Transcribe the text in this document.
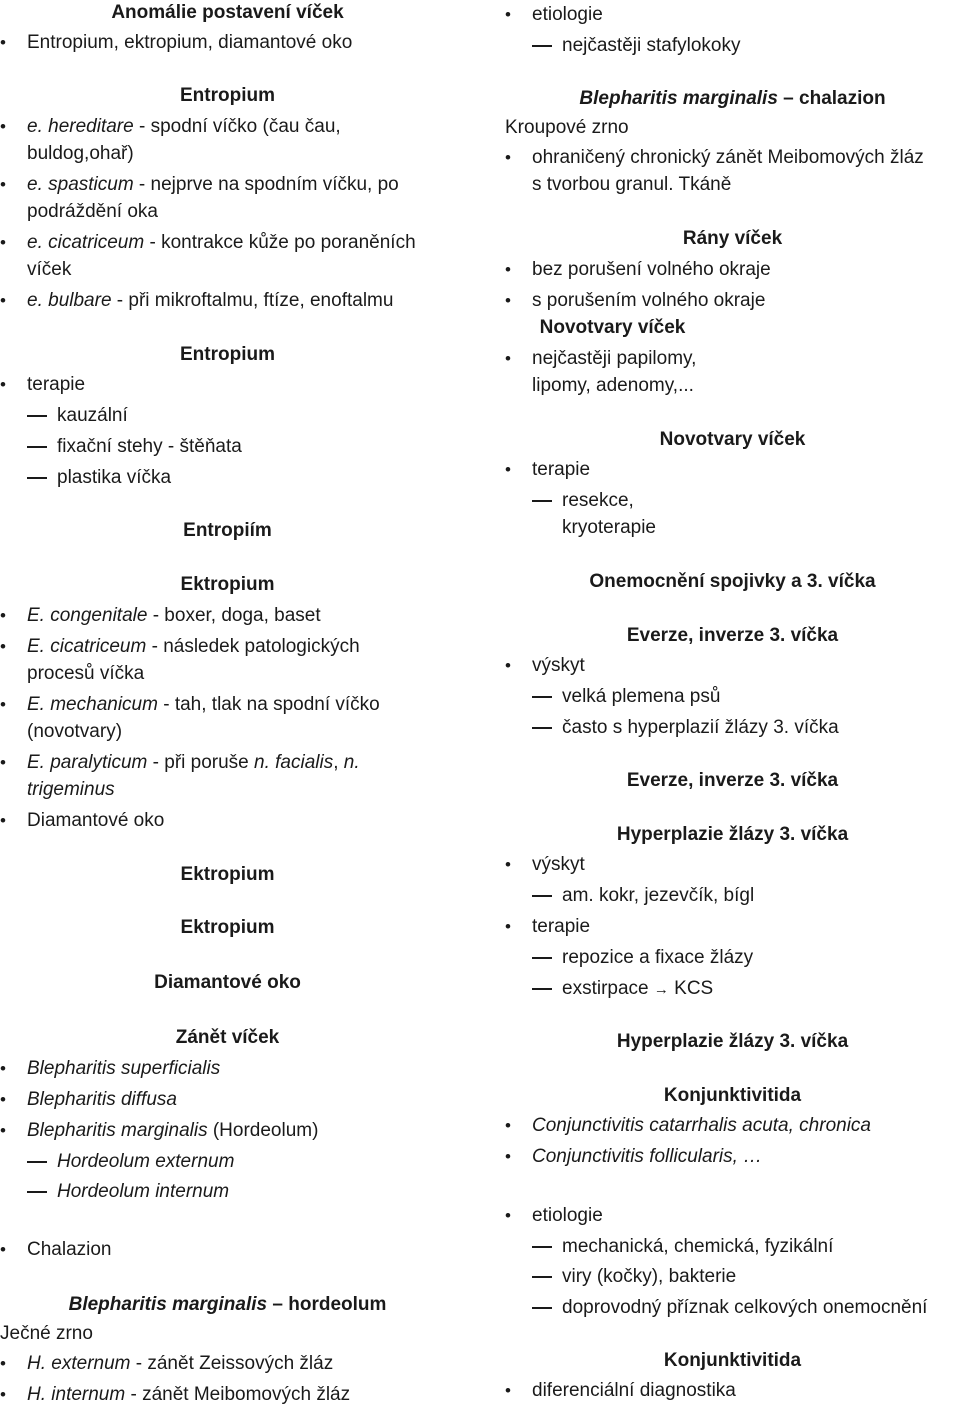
Anomálie postavení víček
• Entropium, ektropium, diamantové oko
Entropium
• e. hereditare - spodní víčko (čau čau,
buldog,ohař)
• e. spasticum - nejprve na spodním víčku, po
podráždění oka
• e. cicatriceum - kontrakce kůže po poraněních
víček
• e. bulbare - při mikroftalmu, ftíze, enoftalmu
Entropium
• terapie
kauzální
fixační stehy - štěňata
plastika víčka
Entropiím
Ektropium
• E. congenitale - boxer, doga, baset
• E. cicatriceum - následek patologických
procesů víčka
• E. mechanicum - tah, tlak na spodní víčko
(novotvary)
• E. paralyticum - při poruše n. facialis, n.
trigeminus
• Diamantové oko
Ektropium
Ektropium
Diamantové oko
Zánět víček
• Blepharitis superficialis
• Blepharitis diffusa
• Blepharitis marginalis (Hordeolum)
Hordeolum externum
Hordeolum internum
• Chalazion
Blepharitis marginalis – hordeolum
Ječné zrno
• H. externum - zánět Zeissových žláz
• H. internum - zánět Meibomových žláz
• etiologie
nejčastěji stafylokoky
Blepharitis marginalis – chalazion
Kroupové zrno
• ohraničený chronický zánět Meibomových žláz
s tvorbou granul. Tkáně
Rány víček
• bez porušení volného okraje
• s porušením volného okraje
Novotvary víček
• nejčastěji papilomy,
lipomy, adenomy,...
Novotvary víček
• terapie
resekce,
kryoterapie
Onemocnění spojivky a 3. víčka
Everze, inverze 3. víčka
• výskyt
velká plemena psů
často s hyperplazií žlázy 3. víčka
Everze, inverze 3. víčka
Hyperplazie žlázy 3. víčka
• výskyt
am. kokr, jezevčík, bígl
• terapie
repozice a fixace žlázy
exstirpace → KCS
Hyperplazie žlázy 3. víčka
Konjunktivitida
• Conjunctivitis catarrhalis acuta, chronica
• Conjunctivitis follicularis, …
• etiologie
mechanická, chemická, fyzikální
viry (kočky), bakterie
doprovodný příznak celkových onemocnění
Konjunktivitida
• diferenciální diagnostika
